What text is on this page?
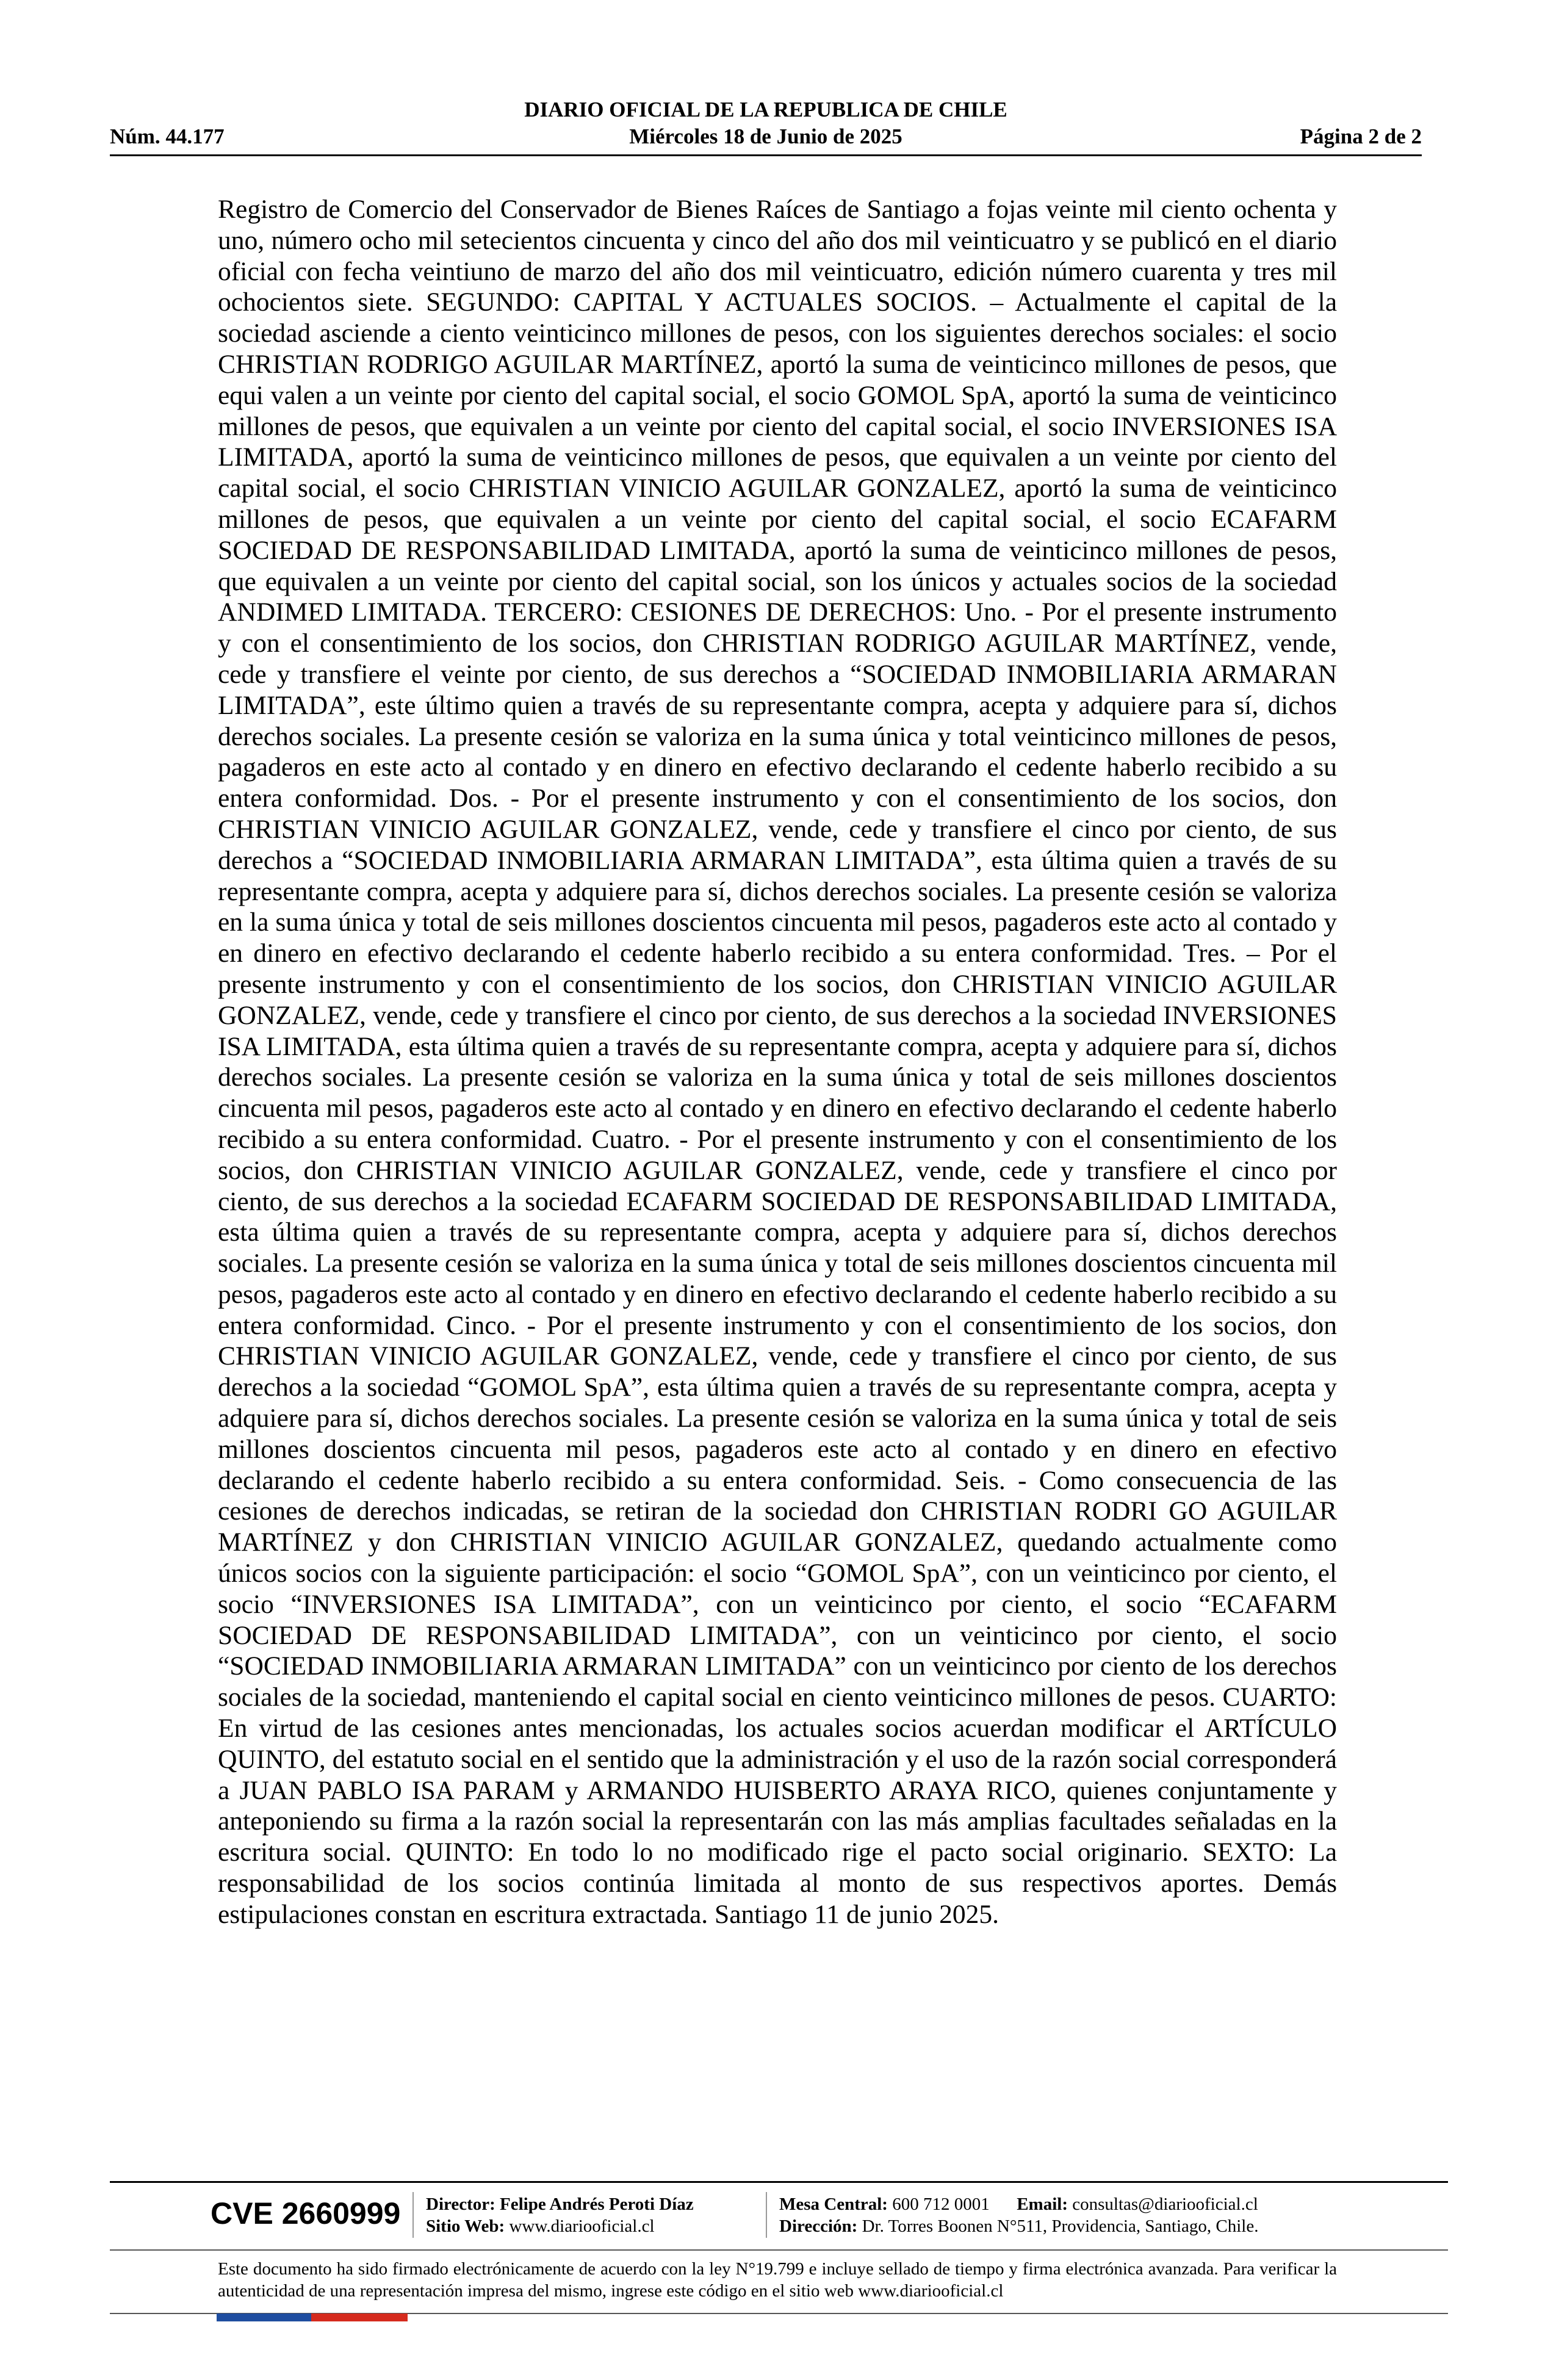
DIARIO OFICIAL DE LA REPUBLICA DE CHILE
Núm. 44.177	Miércoles 18 de Junio de 2025	Página 2 de 2

Registro de Comercio del Conservador de Bienes Raíces de Santiago a fojas veinte mil ciento ochenta y uno, número ocho mil setecientos cincuenta y cinco del año dos mil veinticuatro y se publicó en el diario oficial con fecha veintiuno de marzo del año dos mil veinticuatro, edición número cuarenta y tres mil ochocientos siete. SEGUNDO: CAPITAL Y ACTUALES SOCIOS. – Actualmente el capital de la sociedad asciende a ciento veinticinco millones de pesos, con los siguientes derechos sociales: el socio CHRISTIAN RODRIGO AGUILAR MARTÍNEZ, aportó la suma de veinticinco millones de pesos, que equi valen a un veinte por ciento del capital social, el socio GOMOL SpA, aportó la suma de veinticinco millones de pesos, que equivalen a un veinte por ciento del capital social, el socio INVERSIONES ISA LIMITADA, aportó la suma de veinticinco millones de pesos, que equivalen a un veinte por ciento del capital social, el socio CHRISTIAN VINICIO AGUILAR GONZALEZ, aportó la suma de veinticinco millones de pesos, que equivalen a un veinte por ciento del capital social, el socio ECAFARM SOCIEDAD DE RESPONSABILIDAD LIMITADA, aportó la suma de veinticinco millones de pesos, que equivalen a un veinte por ciento del capital social, son los únicos y actuales socios de la sociedad ANDIMED LIMITADA. TERCERO: CESIONES DE DERECHOS: Uno. - Por el presente instrumento y con el consentimiento de los socios, don CHRISTIAN RODRIGO AGUILAR MARTÍNEZ, vende, cede y transfiere el veinte por ciento, de sus derechos a “SOCIEDAD INMOBILIARIA ARMARAN LIMITADA”, este último quien a través de su representante compra, acepta y adquiere para sí, dichos derechos sociales. La presente cesión se valoriza en la suma única y total veinticinco millones de pesos, pagaderos en este acto al contado y en dinero en efectivo declarando el cedente haberlo recibido a su entera conformidad. Dos. - Por el presente instrumento y con el consentimiento de los socios, don CHRISTIAN VINICIO AGUILAR GONZALEZ, vende, cede y transfiere el cinco por ciento, de sus derechos a “SOCIEDAD INMOBILIARIA ARMARAN LIMITADA”, esta última quien a través de su representante compra, acepta y adquiere para sí, dichos derechos sociales. La presente cesión se valoriza en la suma única y total de seis millones doscientos cincuenta mil pesos, pagaderos este acto al contado y en dinero en efectivo declarando el cedente haberlo recibido a su entera conformidad. Tres. – Por el presente instrumento y con el consentimiento de los socios, don CHRISTIAN VINICIO AGUILAR GONZALEZ, vende, cede y transfiere el cinco por ciento, de sus derechos a la sociedad INVERSIONES ISA LIMITADA, esta última quien a través de su representante compra, acepta y adquiere para sí, dichos derechos sociales. La presente cesión se valoriza en la suma única y total de seis millones doscientos cincuenta mil pesos, pagaderos este acto al contado y en dinero en efectivo declarando el cedente haberlo recibido a su entera conformidad. Cuatro. - Por el presente instrumento y con el consentimiento de los socios, don CHRISTIAN VINICIO AGUILAR GONZALEZ, vende, cede y transfiere el cinco por ciento, de sus derechos a la sociedad ECAFARM SOCIEDAD DE RESPONSABILIDAD LIMITADA, esta última quien a través de su representante compra, acepta y adquiere para sí, dichos derechos sociales. La presente cesión se valoriza en la suma única y total de seis millones doscientos cincuenta mil pesos, pagaderos este acto al contado y en dinero en efectivo declarando el cedente haberlo recibido a su entera conformidad. Cinco. - Por el presente instrumento y con el consentimiento de los socios, don CHRISTIAN VINICIO AGUILAR GONZALEZ, vende, cede y transfiere el cinco por ciento, de sus derechos a la sociedad “GOMOL SpA”, esta última quien a través de su representante compra, acepta y adquiere para sí, dichos derechos sociales. La presente cesión se valoriza en la suma única y total de seis millones doscientos cincuenta mil pesos, pagaderos este acto al contado y en dinero en efectivo declarando el cedente haberlo recibido a su entera conformidad. Seis. - Como consecuencia de las cesiones de derechos indicadas, se retiran de la sociedad don CHRISTIAN RODRI GO AGUILAR MARTÍNEZ y don CHRISTIAN VINICIO AGUILAR GONZALEZ, quedando actualmente como únicos socios con la siguiente participación: el socio “GOMOL SpA”, con un veinticinco por ciento, el socio “INVERSIONES ISA LIMITADA”, con un veinticinco por ciento, el socio “ECAFARM SOCIEDAD DE RESPONSABILIDAD LIMITADA”, con un veinticinco por ciento, el socio “SOCIEDAD INMOBILIARIA ARMARAN LIMITADA” con un veinticinco por ciento de los derechos sociales de la sociedad, manteniendo el capital social en ciento veinticinco millones de pesos. CUARTO: En virtud de las cesiones antes mencionadas, los actuales socios acuerdan modificar el ARTÍCULO QUINTO, del estatuto social en el sentido que la administración y el uso de la razón social corresponderá a JUAN PABLO ISA PARAM y ARMANDO HUISBERTO ARAYA RICO, quienes conjuntamente y anteponiendo su firma a la razón social la representarán con las más amplias facultades señaladas en la escritura social. QUINTO: En todo lo no modificado rige el pacto social originario. SEXTO: La responsabilidad de los socios continúa limitada al monto de sus respectivos aportes. Demás estipulaciones constan en escritura extractada. Santiago 11 de junio 2025.

CVE 2660999 Director: Felipe Andrés Peroti Díaz
Sitio Web: www.diariooficial.cl
Mesa Central: 600 712 0001 Email: consultas@diariooficial.cl
Dirección: Dr. Torres Boonen N°511, Providencia, Santiago, Chile.

Este documento ha sido firmado electrónicamente de acuerdo con la ley N°19.799 e incluye sellado de tiempo y firma electrónica avanzada. Para verificar la autenticidad de una representación impresa del mismo, ingrese este código en el sitio web www.diariooficial.cl
